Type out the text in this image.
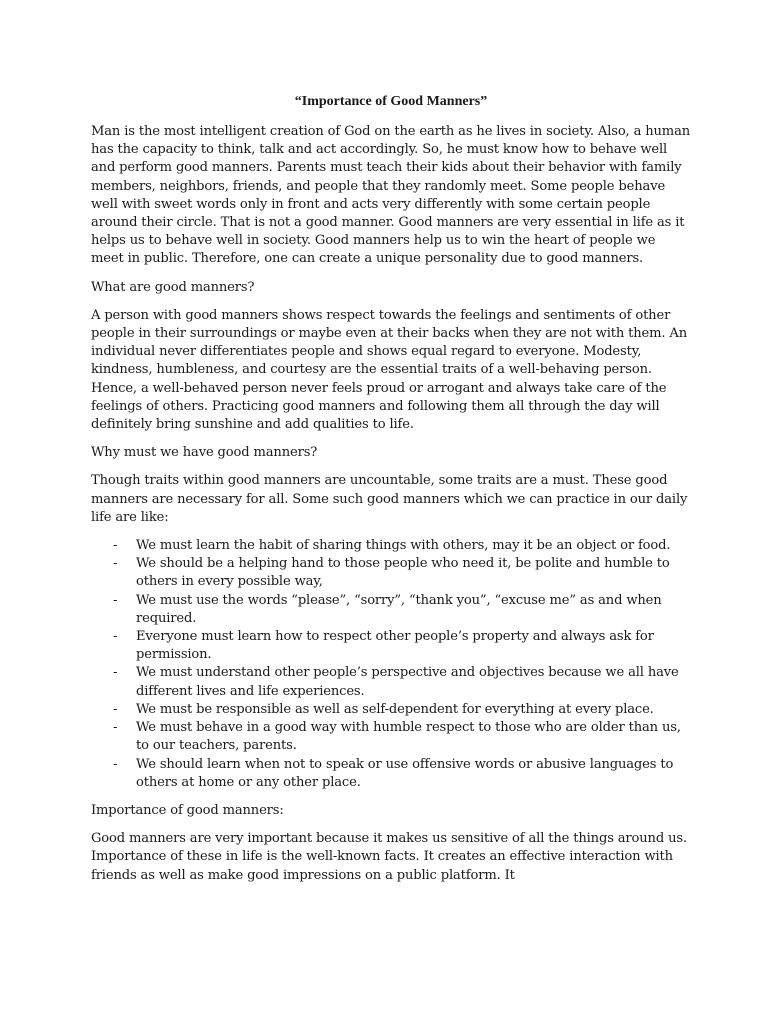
“Importance of Good Manners”

Man is the most intelligent creation of God on the earth as he lives in society. Also, a human has the capacity to think, talk and act accordingly. So, he must know how to behave well and perform good manners. Parents must teach their kids about their behavior with family members, neighbors, friends, and people that they randomly meet. Some people behave well with sweet words only in front and acts very differently with some certain people around their circle. That is not a good manner. Good manners are very essential in life as it helps us to behave well in society. Good manners help us to win the heart of people we meet in public. Therefore, one can create a unique personality due to good manners.

What are good manners?

A person with good manners shows respect towards the feelings and sentiments of other people in their surroundings or maybe even at their backs when they are not with them. An individual never differentiates people and shows equal regard to everyone. Modesty, kindness, humbleness, and courtesy are the essential traits of a well-behaving person. Hence, a well-behaved person never feels proud or arrogant and always take care of the feelings of others. Practicing good manners and following them all through the day will definitely bring sunshine and add qualities to life.

Why must we have good manners?

Though traits within good manners are uncountable, some traits are a must. These good manners are necessary for all. Some such good manners which we can practice in our daily life are like:

- We must learn the habit of sharing things with others, may it be an object or food.
- We should be a helping hand to those people who need it, be polite and humble to others in every possible way,
- We must use the words “please”, “sorry”, “thank you”, “excuse me” as and when required.
- Everyone must learn how to respect other people’s property and always ask for permission.
- We must understand other people’s perspective and objectives because we all have different lives and life experiences.
- We must be responsible as well as self-dependent for everything at every place.
- We must behave in a good way with humble respect to those who are older than us, to our teachers, parents.
- We should learn when not to speak or use offensive words or abusive languages to others at home or any other place.

Importance of good manners:

Good manners are very important because it makes us sensitive of all the things around us. Importance of these in life is the well-known facts. It creates an effective interaction with friends as well as make good impressions on a public platform. It
